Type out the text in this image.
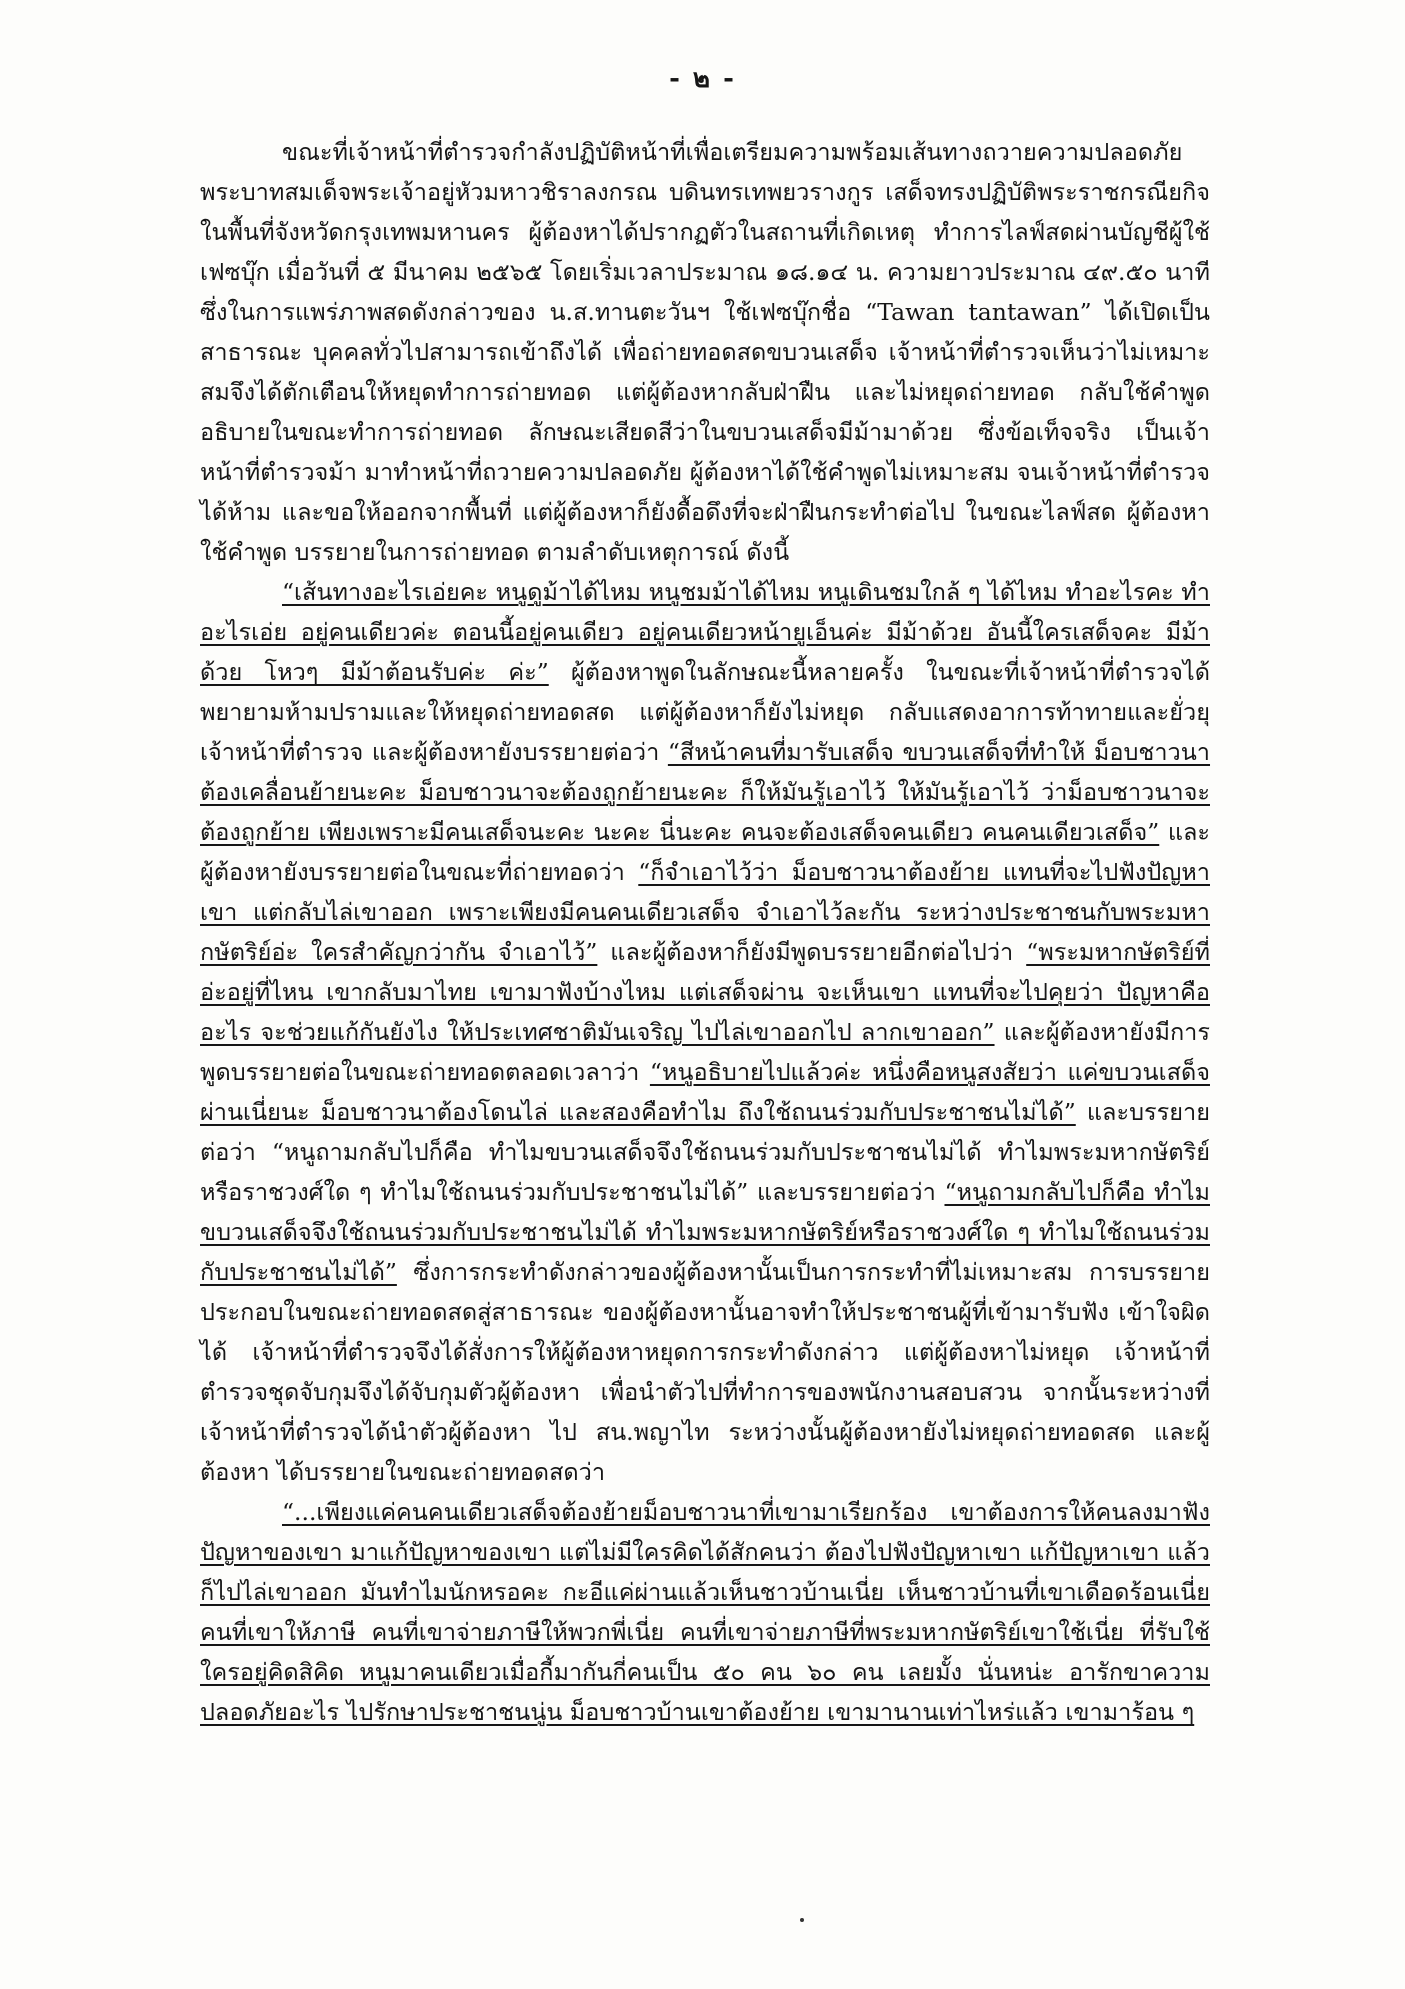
- ๒ -

ขณะที่เจ้าหน้าที่ตำรวจกำลังปฏิบัติหน้าที่เพื่อเตรียมความพร้อมเส้นทางถวายความปลอดภัย พระบาทสมเด็จพระเจ้าอยู่หัวมหาวชิราลงกรณ บดินทรเทพยวรางกูร เสด็จทรงปฏิบัติพระราชกรณียกิจในพื้นที่จังหวัดกรุงเทพมหานคร ผู้ต้องหาได้ปรากฏตัวในสถานที่เกิดเหตุ ทำการไลฟ์สดผ่านบัญชีผู้ใช้เฟซบุ๊ก เมื่อวันที่ ๕ มีนาคม ๒๕๖๕ โดยเริ่มเวลาประมาณ ๑๘.๑๔ น. ความยาวประมาณ ๔๙.๕๐ นาที ซึ่งในการแพร่ภาพสดดังกล่าวของ น.ส.ทานตะวันฯ ใช้เฟซบุ๊กชื่อ “Tawan tantawan” ได้เปิดเป็นสาธารณะ บุคคลทั่วไปสามารถเข้าถึงได้ เพื่อถ่ายทอดสดขบวนเสด็จ เจ้าหน้าที่ตำรวจเห็นว่าไม่เหมาะสมจึงได้ตักเตือนให้หยุดทำการถ่ายทอด แต่ผู้ต้องหากลับฝ่าฝืน และไม่หยุดถ่ายทอด กลับใช้คำพูดอธิบายในขณะทำการถ่ายทอด ลักษณะเสียดสีว่าในขบวนเสด็จมีม้ามาด้วย ซึ่งข้อเท็จจริง เป็นเจ้าหน้าที่ตำรวจม้า มาทำหน้าที่ถวายความปลอดภัย ผู้ต้องหาได้ใช้คำพูดไม่เหมาะสม จนเจ้าหน้าที่ตำรวจได้ห้าม และขอให้ออกจากพื้นที่ แต่ผู้ต้องหาก็ยังดื้อดึงที่จะฝ่าฝืนกระทำต่อไป ในขณะไลฟ์สด ผู้ต้องหาใช้คำพูด บรรยายในการถ่ายทอด ตามลำดับเหตุการณ์ ดังนี้

“เส้นทางอะไรเอ่ยคะ หนูดูม้าได้ไหม หนูชมม้าได้ไหม หนูเดินชมใกล้ ๆ ได้ไหม ทำอะไรคะ ทำอะไรเอ่ย อยู่คนเดียวค่ะ ตอนนี้อยู่คนเดียว อยู่คนเดียวหน้ายูเอ็นค่ะ มีม้าด้วย อันนี้ใครเสด็จคะ มีม้าด้วย โหวๆ มีม้าต้อนรับค่ะ ค่ะ” ผู้ต้องหาพูดในลักษณะนี้หลายครั้ง ในขณะที่เจ้าหน้าที่ตำรวจได้พยายามห้ามปรามและให้หยุดถ่ายทอดสด แต่ผู้ต้องหาก็ยังไม่หยุด กลับแสดงอาการท้าทายและยั่วยุเจ้าหน้าที่ตำรวจ และผู้ต้องหายังบรรยายต่อว่า “สีหน้าคนที่มารับเสด็จ ขบวนเสด็จที่ทำให้ ม็อบชาวนา ต้องเคลื่อนย้ายนะคะ ม็อบชาวนาจะต้องถูกย้ายนะคะ ก็ให้มันรู้เอาไว้ ให้มันรู้เอาไว้ ว่าม็อบชาวนาจะต้องถูกย้าย เพียงเพราะมีคนเสด็จนะคะ นะคะ นี่นะคะ คนจะต้องเสด็จคนเดียว คนคนเดียวเสด็จ” และผู้ต้องหายังบรรยายต่อในขณะที่ถ่ายทอดว่า “ก็จำเอาไว้ว่า ม็อบชาวนาต้องย้าย แทนที่จะไปฟังปัญหาเขา แต่กลับไล่เขาออก เพราะเพียงมีคนคนเดียวเสด็จ จำเอาไว้ละกัน ระหว่างประชาชนกับพระมหากษัตริย์อ่ะ ใครสำคัญกว่ากัน จำเอาไว้” และผู้ต้องหาก็ยังมีพูดบรรยายอีกต่อไปว่า “พระมหากษัตริย์ที่อ่ะอยู่ที่ไหน เขากลับมาไทย เขามาฟังบ้างไหม แต่เสด็จผ่าน จะเห็นเขา แทนที่จะไปคุยว่า ปัญหาคืออะไร จะช่วยแก้กันยังไง ให้ประเทศชาติมันเจริญ ไปไล่เขาออกไป ลากเขาออก” และผู้ต้องหายังมีการพูดบรรยายต่อในขณะถ่ายทอดตลอดเวลาว่า “หนูอธิบายไปแล้วค่ะ หนึ่งคือหนูสงสัยว่า แค่ขบวนเสด็จผ่านเนี่ยนะ ม็อบชาวนาต้องโดนไล่ และสองคือทำไม ถึงใช้ถนนร่วมกับประชาชนไม่ได้” และบรรยายต่อว่า “หนูถามกลับไปก็คือ ทำไมขบวนเสด็จจึงใช้ถนนร่วมกับประชาชนไม่ได้ ทำไมพระมหากษัตริย์หรือราชวงศ์ใด ๆ ทำไมใช้ถนนร่วมกับประชาชนไม่ได้” และบรรยายต่อว่า “หนูถามกลับไปก็คือ ทำไมขบวนเสด็จจึงใช้ถนนร่วมกับประชาชนไม่ได้ ทำไมพระมหากษัตริย์หรือราชวงศ์ใด ๆ ทำไมใช้ถนนร่วมกับประชาชนไม่ได้” ซึ่งการกระทำดังกล่าวของผู้ต้องหานั้นเป็นการกระทำที่ไม่เหมาะสม การบรรยายประกอบในขณะถ่ายทอดสดสู่สาธารณะ ของผู้ต้องหานั้นอาจทำให้ประชาชนผู้ที่เข้ามารับฟัง เข้าใจผิดได้ เจ้าหน้าที่ตำรวจจึงได้สั่งการให้ผู้ต้องหาหยุดการกระทำดังกล่าว แต่ผู้ต้องหาไม่หยุด เจ้าหน้าที่ตำรวจชุดจับกุมจึงได้จับกุมตัวผู้ต้องหา เพื่อนำตัวไปที่ทำการของพนักงานสอบสวน จากนั้นระหว่างที่เจ้าหน้าที่ตำรวจได้นำตัวผู้ต้องหา ไป สน.พญาไท ระหว่างนั้นผู้ต้องหายังไม่หยุดถ่ายทอดสด และผู้ต้องหา ได้บรรยายในขณะถ่ายทอดสดว่า

“...เพียงแค่คนคนเดียวเสด็จต้องย้ายม็อบชาวนาที่เขามาเรียกร้อง เขาต้องการให้คนลงมาฟังปัญหาของเขา มาแก้ปัญหาของเขา แต่ไม่มีใครคิดได้สักคนว่า ต้องไปฟังปัญหาเขา แก้ปัญหาเขา แล้วก็ไปไล่เขาออก มันทำไมนักหรอคะ กะอีแค่ผ่านแล้วเห็นชาวบ้านเนี่ย เห็นชาวบ้านที่เขาเดือดร้อนเนี่ย คนที่เขาให้ภาษี คนที่เขาจ่ายภาษีให้พวกพี่เนี่ย คนที่เขาจ่ายภาษีที่พระมหากษัตริย์เขาใช้เนี่ย ที่รับใช้ใครอยู่คิดสิคิด หนูมาคนเดียวเมื่อกี้มากันกี่คนเป็น ๕๐ คน ๖๐ คน เลยมั้ง นั่นหน่ะ อารักขาความปลอดภัยอะไร ไปรักษาประชาชนนู่น ม็อบชาวบ้านเขาต้องย้าย เขามานานเท่าไหร่แล้ว เขามาร้อน ๆ
